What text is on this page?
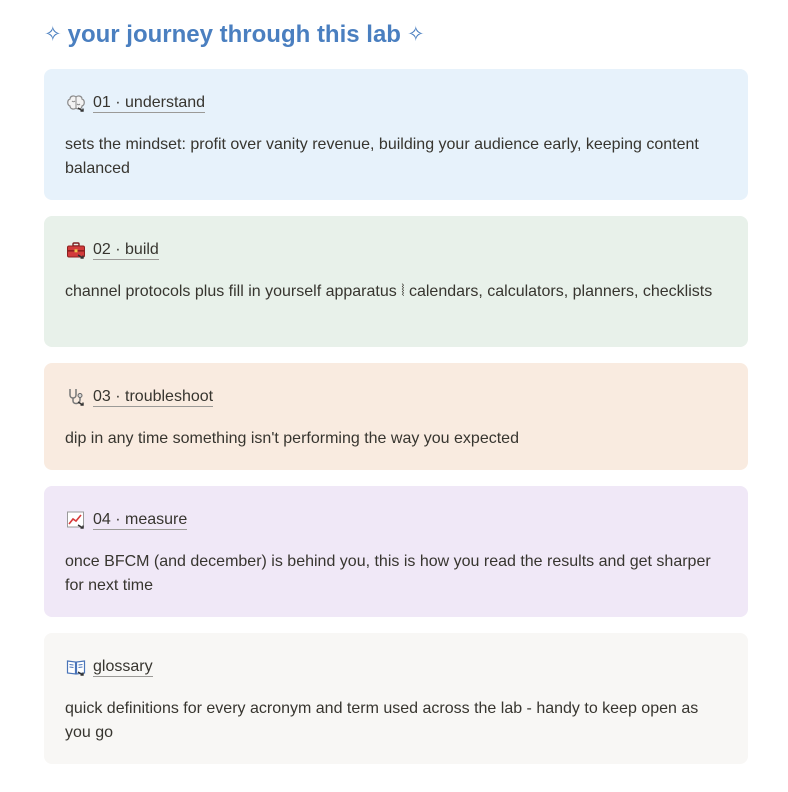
✧ your journey through this lab ✧
01 · understand

sets the mindset: profit over vanity revenue, building your audience early, keeping content balanced

02 · build

channel protocols plus fill in yourself apparatus ⦚ calendars, calculators, planners, checklists

03 · troubleshoot

dip in any time something isn't performing the way you expected

04 · measure

once BFCM (and december) is behind you, this is how you read the results and get sharper for next time

glossary

quick definitions for every acronym and term used across the lab - handy to keep open as you go
